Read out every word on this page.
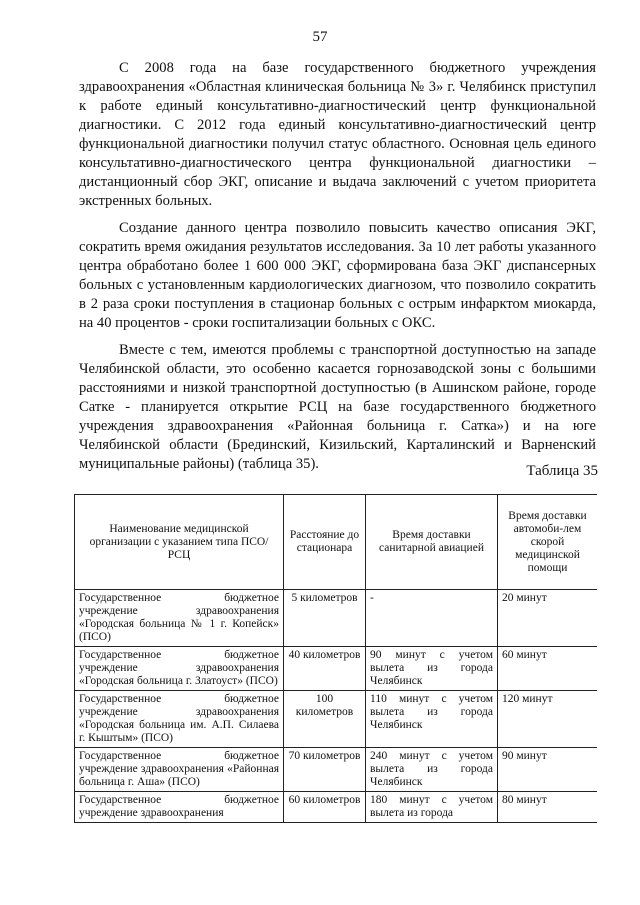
57

С 2008 года на базе государственного бюджетного учреждения здравоохранения «Областная клиническая больница № 3» г. Челябинск приступил к работе единый консультативно-диагностический центр функциональной диагностики. С 2012 года единый консультативно-диагностический центр функциональной диагностики получил статус областного. Основная цель единого консультативно-диагностического центра функциональной диагностики – дистанционный сбор ЭКГ, описание и выдача заключений с учетом приоритета экстренных больных.

Создание данного центра позволило повысить качество описания ЭКГ, сократить время ожидания результатов исследования. За 10 лет работы указанного центра обработано более 1 600 000 ЭКГ, сформирована база ЭКГ диспансерных больных с установленным кардиологических диагнозом, что позволило сократить в 2 раза сроки поступления в стационар больных с острым инфарктом миокарда, на 40 процентов - сроки госпитализации больных с ОКС.

Вместе с тем, имеются проблемы с транспортной доступностью на западе Челябинской области, это особенно касается горнозаводской зоны с большими расстояниями и низкой транспортной доступностью (в Ашинском районе, городе Сатке - планируется открытие РСЦ на базе государственного бюджетного учреждения здравоохранения «Районная больница г. Сатка») и на юге Челябинской области (Брединский, Кизильский, Карталинский и Варненский муниципальные районы) (таблица 35).	Таблица 35
Наименование медицинской организации с указанием типа ПСО/РСЦ	Расстояние до стационара	Время доставки санитарной авиацией	Время доставки автомоби-лем скорой медицинской помощи
Государственное бюджетное учреждение здравоохранения «Городская больница № 1 г. Копейск» (ПСО)	5 километров	-	20 минут
Государственное бюджетное учреждение здравоохранения «Городская больница г. Златоуст» (ПСО)	40 километров	90 минут с учетом вылета из города Челябинск	60 минут
Государственное бюджетное учреждение здравоохранения «Городская больница им. А.П. Силаева г. Кыштым» (ПСО)	100 километров	110 минут с учетом вылета из города Челябинск	120 минут
Государственное бюджетное учреждение здравоохранения «Районная больница г. Аша» (ПСО)	70 километров	240 минут с учетом вылета из города Челябинск	90 минут
Государственное бюджетное учреждение здравоохранения	60 километров	180 минут с учетом вылета из города	80 минут
